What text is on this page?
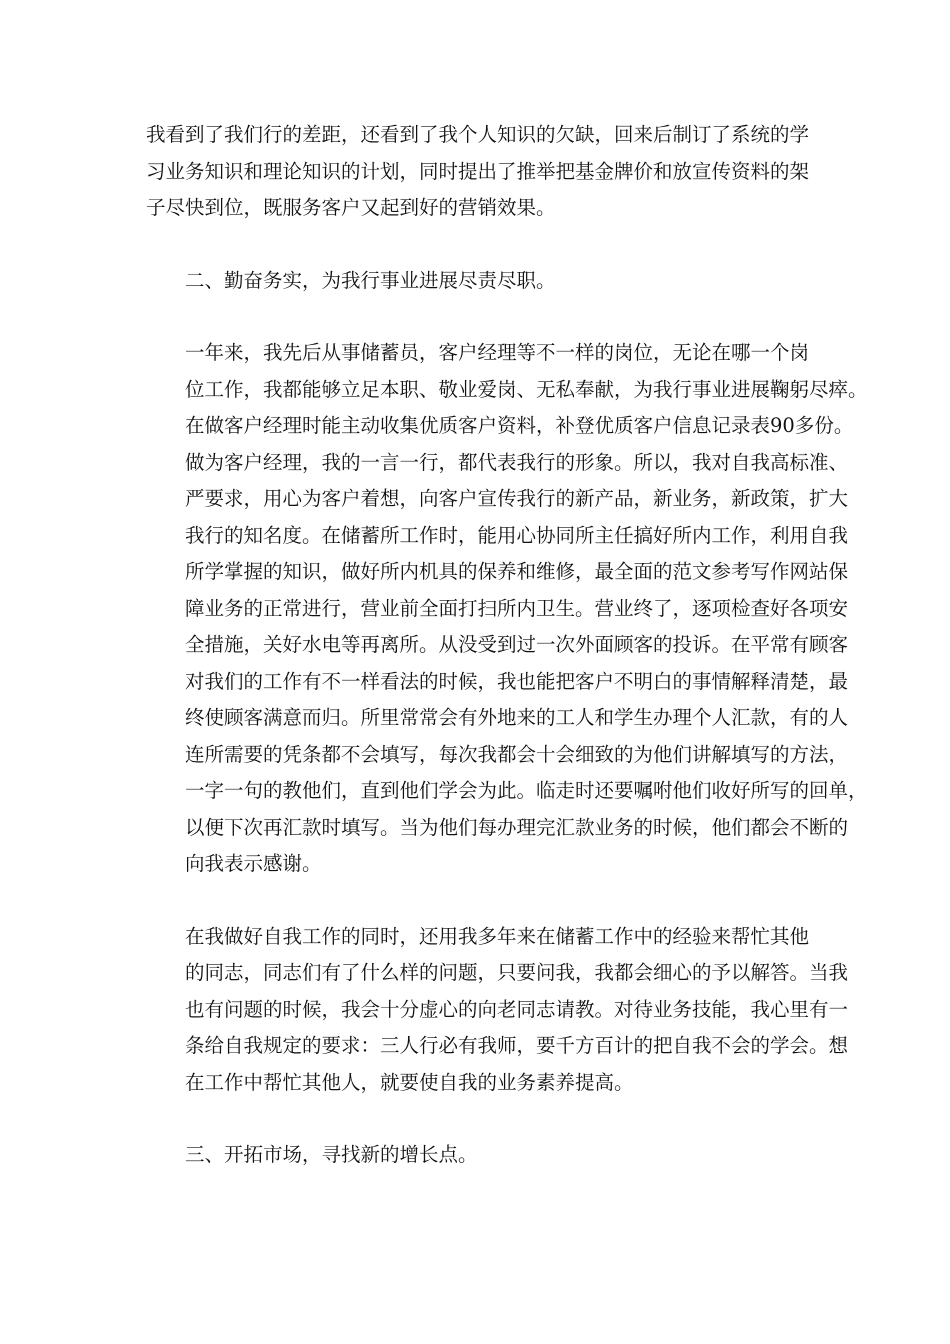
我看到了我们行的差距，还看到了我个人知识的欠缺，回来后制订了系统的学
习业务知识和理论知识的计划，同时提出了推举把基金牌价和放宣传资料的架
子尽快到位，既服务客户又起到好的营销效果。
二、勤奋务实，为我行事业进展尽责尽职。
一年来，我先后从事储蓄员，客户经理等不一样的岗位，无论在哪一个岗
位工作，我都能够立足本职、敬业爱岗、无私奉献，为我行事业进展鞠躬尽瘁。
在做客户经理时能主动收集优质客户资料，补登优质客户信息记录表90多份。
做为客户经理，我的一言一行，都代表我行的形象。所以，我对自我高标准、
严要求，用心为客户着想，向客户宣传我行的新产品，新业务，新政策，扩大
我行的知名度。在储蓄所工作时，能用心协同所主任搞好所内工作，利用自我
所学掌握的知识，做好所内机具的保养和维修，最全面的范文参考写作网站保
障业务的正常进行，营业前全面打扫所内卫生。营业终了，逐项检查好各项安
全措施，关好水电等再离所。从没受到过一次外面顾客的投诉。在平常有顾客
对我们的工作有不一样看法的时候，我也能把客户不明白的事情解释清楚，最
终使顾客满意而归。所里常常会有外地来的工人和学生办理个人汇款，有的人
连所需要的凭条都不会填写，每次我都会十会细致的为他们讲解填写的方法，
一字一句的教他们，直到他们学会为此。临走时还要嘱咐他们收好所写的回单，
以便下次再汇款时填写。当为他们每办理完汇款业务的时候，他们都会不断的
向我表示感谢。
在我做好自我工作的同时，还用我多年来在储蓄工作中的经验来帮忙其他
的同志，同志们有了什么样的问题，只要问我，我都会细心的予以解答。当我
也有问题的时候，我会十分虚心的向老同志请教。对待业务技能，我心里有一
条给自我规定的要求：三人行必有我师，要千方百计的把自我不会的学会。想
在工作中帮忙其他人，就要使自我的业务素养提高。
三、开拓市场，寻找新的增长点。
